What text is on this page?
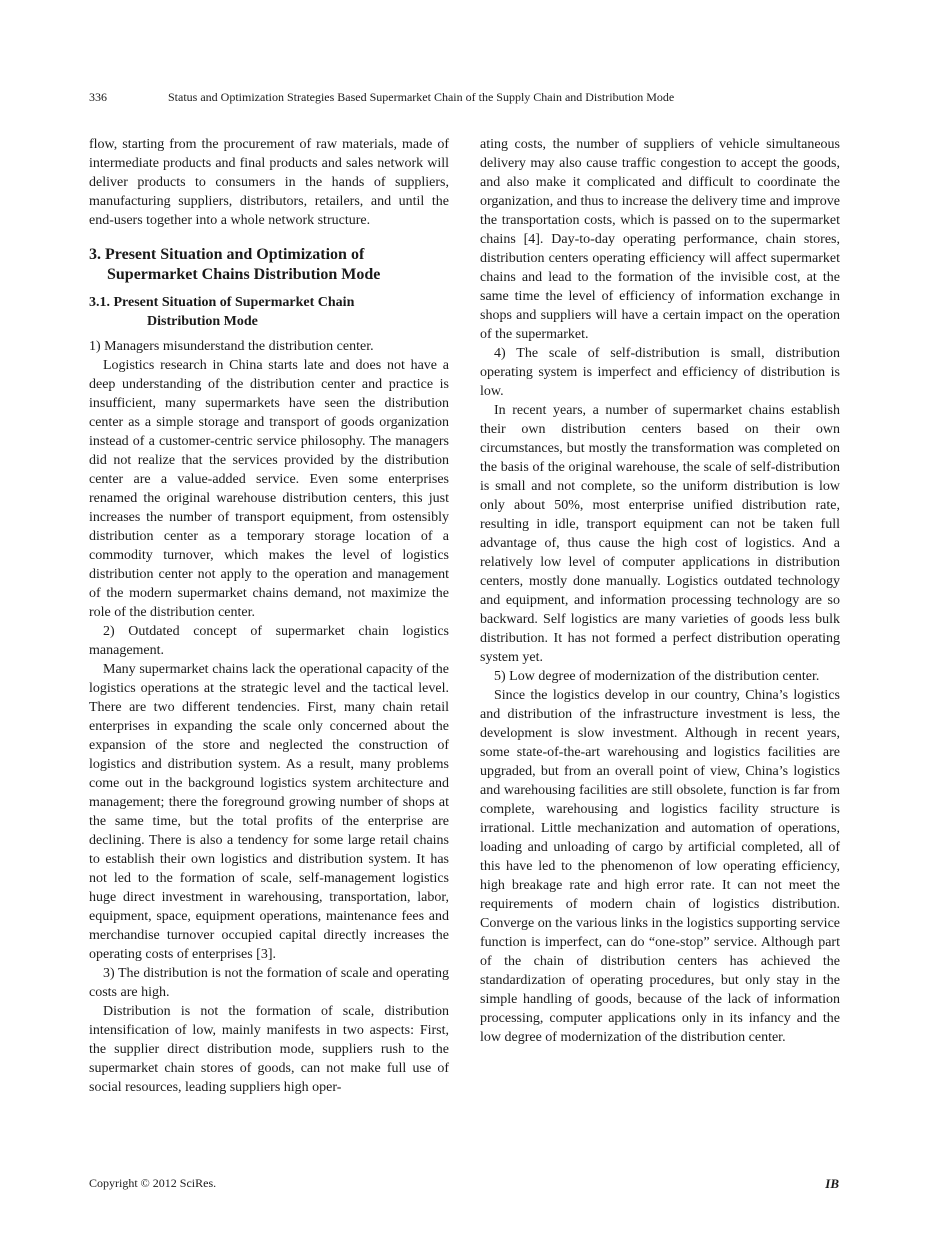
336	Status and Optimization Strategies Based Supermarket Chain of the Supply Chain and Distribution Mode

flow, starting from the procurement of raw materials, made of intermediate products and final products and sales network will deliver products to consumers in the hands of suppliers, manufacturing suppliers, distributors, retailers, and until the end-users together into a whole network structure.

3. Present Situation and Optimization of
Supermarket Chains Distribution Mode
3.1. Present Situation of Supermarket Chain
Distribution Mode

1) Managers misunderstand the distribution center.

Logistics research in China starts late and does not have a deep understanding of the distribution center and practice is insufficient, many supermarkets have seen the distribution center as a simple storage and transport of goods organization instead of a customer-centric service philosophy. The managers did not realize that the services provided by the distribution center are a value-added service. Even some enterprises renamed the original warehouse distribution centers, this just increases the number of transport equipment, from ostensibly distribution center as a temporary storage location of a commodity turnover, which makes the level of logistics distribution center not apply to the operation and management of the modern supermarket chains demand, not maximize the role of the distribution center.

2) Outdated concept of supermarket chain logistics management.

Many supermarket chains lack the operational capacity of the logistics operations at the strategic level and the tactical level. There are two different tendencies. First, many chain retail enterprises in expanding the scale only concerned about the expansion of the store and neglected the construction of logistics and distribution system. As a result, many problems come out in the background logistics system architecture and management; there the foreground growing number of shops at the same time, but the total profits of the enterprise are declining. There is also a tendency for some large retail chains to establish their own logistics and distribution system. It has not led to the formation of scale, self-management logistics huge direct investment in warehousing, transportation, labor, equipment, space, equipment operations, maintenance fees and merchandise turnover occupied capital directly increases the operating costs of enterprises [3].

3) The distribution is not the formation of scale and operating costs are high.

Distribution is not the formation of scale, distribution intensification of low, mainly manifests in two aspects: First, the supplier direct distribution mode, suppliers rush to the supermarket chain stores of goods, can not make full use of social resources, leading suppliers high oper-

ating costs, the number of suppliers of vehicle simultaneous delivery may also cause traffic congestion to accept the goods, and also make it complicated and difficult to coordinate the organization, and thus to increase the delivery time and improve the transportation costs, which is passed on to the supermarket chains [4]. Day-to-day operating performance, chain stores, distribution centers operating efficiency will affect supermarket chains and lead to the formation of the invisible cost, at the same time the level of efficiency of information exchange in shops and suppliers will have a certain impact on the operation of the supermarket.

4) The scale of self-distribution is small, distribution operating system is imperfect and efficiency of distribution is low.

In recent years, a number of supermarket chains establish their own distribution centers based on their own circumstances, but mostly the transformation was completed on the basis of the original warehouse, the scale of self-distribution is small and not complete, so the uniform distribution is low only about 50%, most enterprise unified distribution rate, resulting in idle, transport equipment can not be taken full advantage of, thus cause the high cost of logistics. And a relatively low level of computer applications in distribution centers, mostly done manually. Logistics outdated technology and equipment, and information processing technology are so backward. Self logistics are many varieties of goods less bulk distribution. It has not formed a perfect distribution operating system yet.

5) Low degree of modernization of the distribution center.

Since the logistics develop in our country, China’s logistics and distribution of the infrastructure investment is less, the development is slow investment. Although in recent years, some state-of-the-art warehousing and logistics facilities are upgraded, but from an overall point of view, China’s logistics and warehousing facilities are still obsolete, function is far from complete, warehousing and logistics facility structure is irrational. Little mechanization and automation of operations, loading and unloading of cargo by artificial completed, all of this have led to the phenomenon of low operating efficiency, high breakage rate and high error rate. It can not meet the requirements of modern chain of logistics distribution. Converge on the various links in the logistics supporting service function is imperfect, can do “one-stop” service. Although part of the chain of distribution centers has achieved the standardization of operating procedures, but only stay in the simple handling of goods, because of the lack of information processing, computer applications only in its infancy and the low degree of modernization of the distribution center.

Copyright © 2012 SciRes.	IB
